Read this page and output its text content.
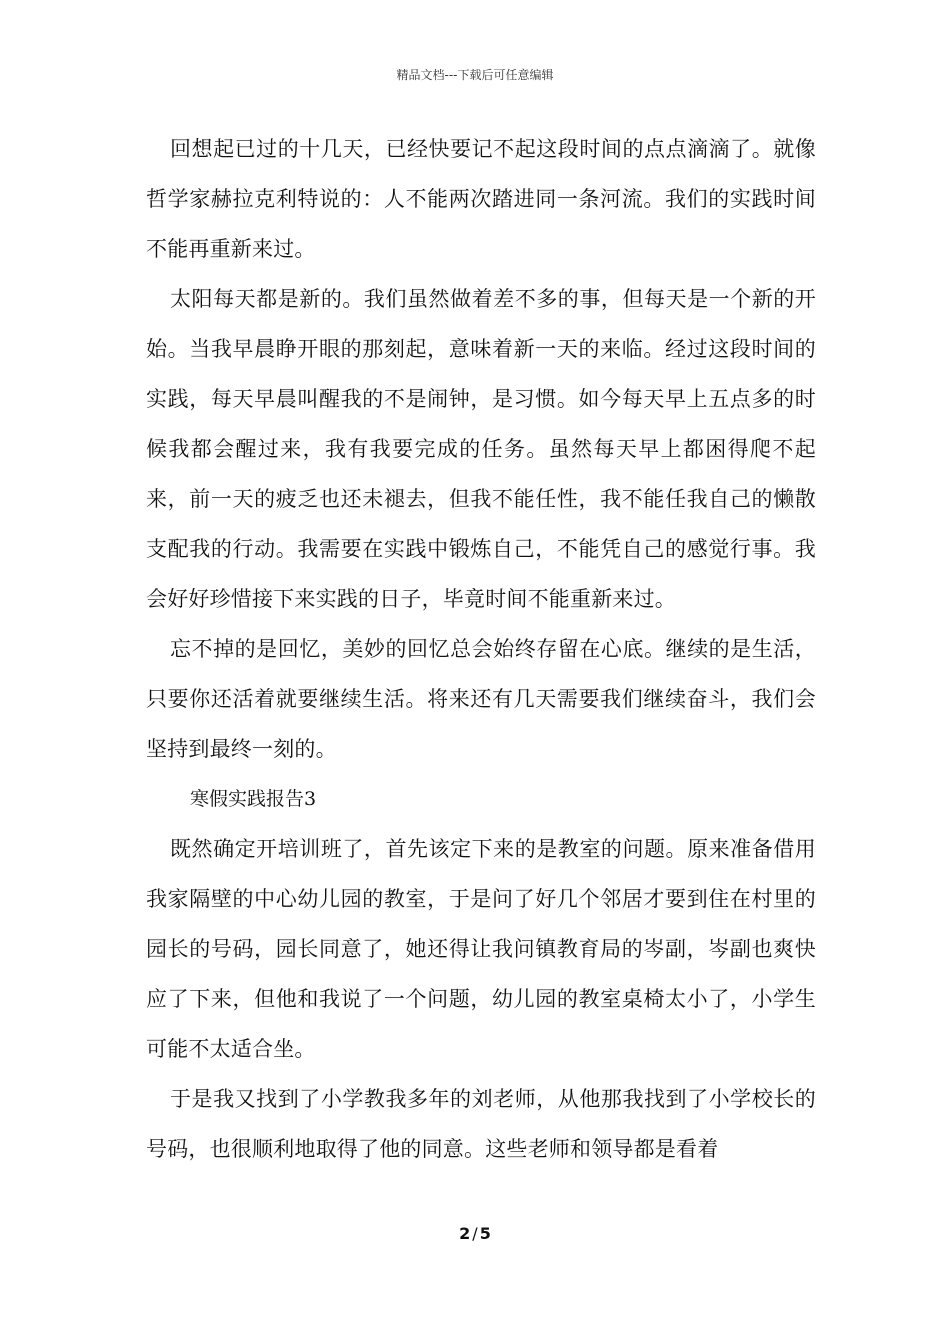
精品文档---下载后可任意编辑

回想起已过的十几天，已经快要记不起这段时间的点点滴滴了。就像哲学家赫拉克利特说的：人不能两次踏进同一条河流。我们的实践时间不能再重新来过。

太阳每天都是新的。我们虽然做着差不多的事，但每天是一个新的开始。当我早晨睁开眼的那刻起，意味着新一天的来临。经过这段时间的实践，每天早晨叫醒我的不是闹钟，是习惯。如今每天早上五点多的时候我都会醒过来，我有我要完成的任务。虽然每天早上都困得爬不起来，前一天的疲乏也还未褪去，但我不能任性，我不能任我自己的懒散支配我的行动。我需要在实践中锻炼自己，不能凭自己的感觉行事。我会好好珍惜接下来实践的日子，毕竟时间不能重新来过。

忘不掉的是回忆，美妙的回忆总会始终存留在心底。继续的是生活，只要你还活着就要继续生活。将来还有几天需要我们继续奋斗，我们会坚持到最终一刻的。

寒假实践报告3

既然确定开培训班了，首先该定下来的是教室的问题。原来准备借用我家隔壁的中心幼儿园的教室，于是问了好几个邻居才要到住在村里的园长的号码，园长同意了，她还得让我问镇教育局的岑副，岑副也爽快应了下来，但他和我说了一个问题，幼儿园的教室桌椅太小了，小学生可能不太适合坐。

于是我又找到了小学教我多年的刘老师，从他那我找到了小学校长的号码，也很顺利地取得了他的同意。这些老师和领导都是看着

2 / 5
